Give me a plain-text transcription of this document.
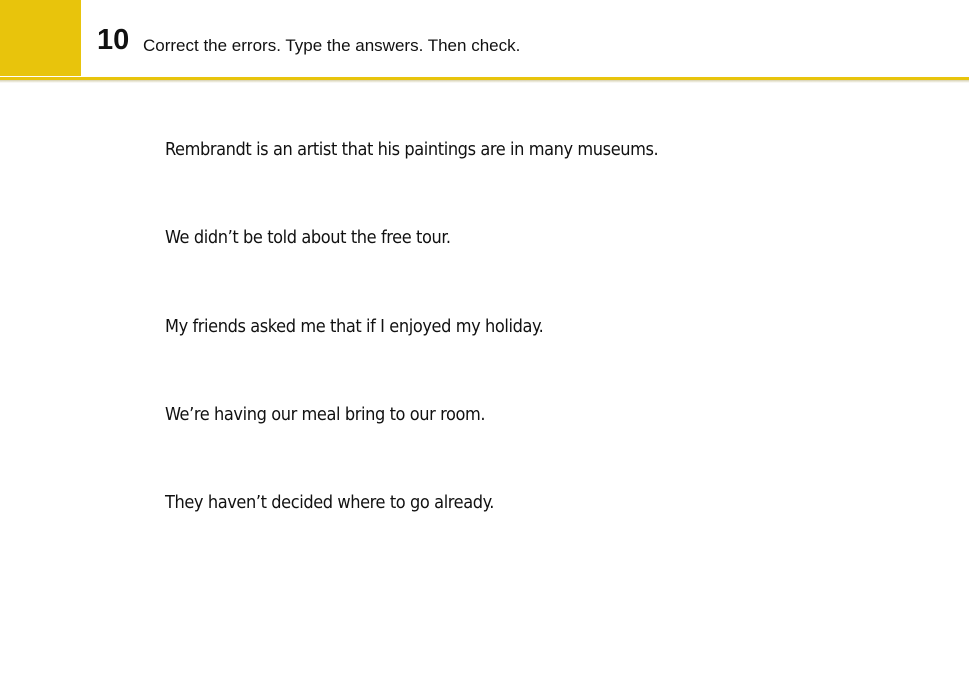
10 Correct the errors. Type the answers. Then check.
Rembrandt is an artist that his paintings are in many museums.
We didn’t be told about the free tour.
My friends asked me that if I enjoyed my holiday.
We’re having our meal bring to our room.
They haven’t decided where to go already.
